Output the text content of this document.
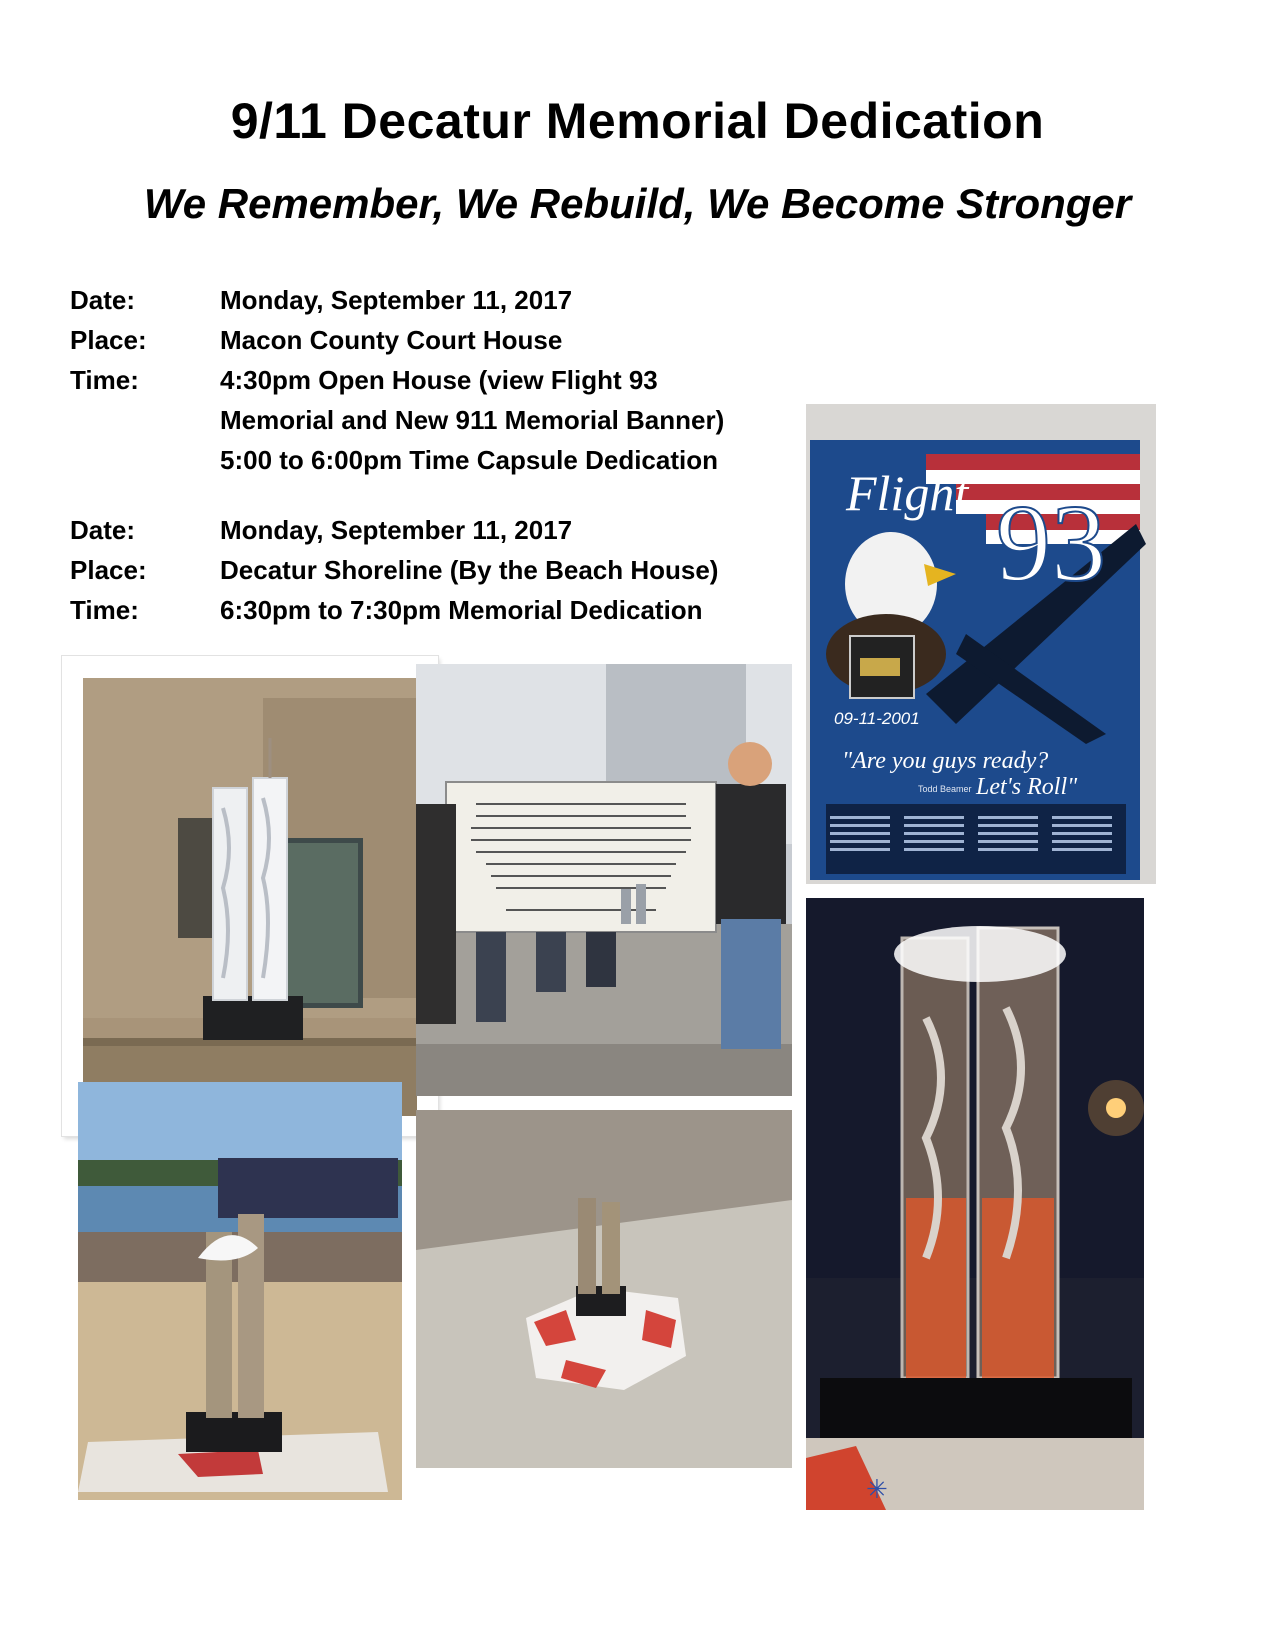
9/11 Decatur Memorial Dedication
We Remember, We Rebuild, We Become Stronger
Date:	Monday, September 11, 2017
Place:	Macon County Court House
Time:	4:30pm Open House (view Flight 93
Memorial and New 911 Memorial Banner)
5:00 to 6:00pm Time Capsule Dedication
Date:	Monday, September 11, 2017
Place:	Decatur Shoreline (By the Beach House)
Time:	6:30pm to 7:30pm Memorial Dedication
Flight 93
09-11-2001
"Are you guys ready?
Let's Roll"
Todd Beamer
✳
